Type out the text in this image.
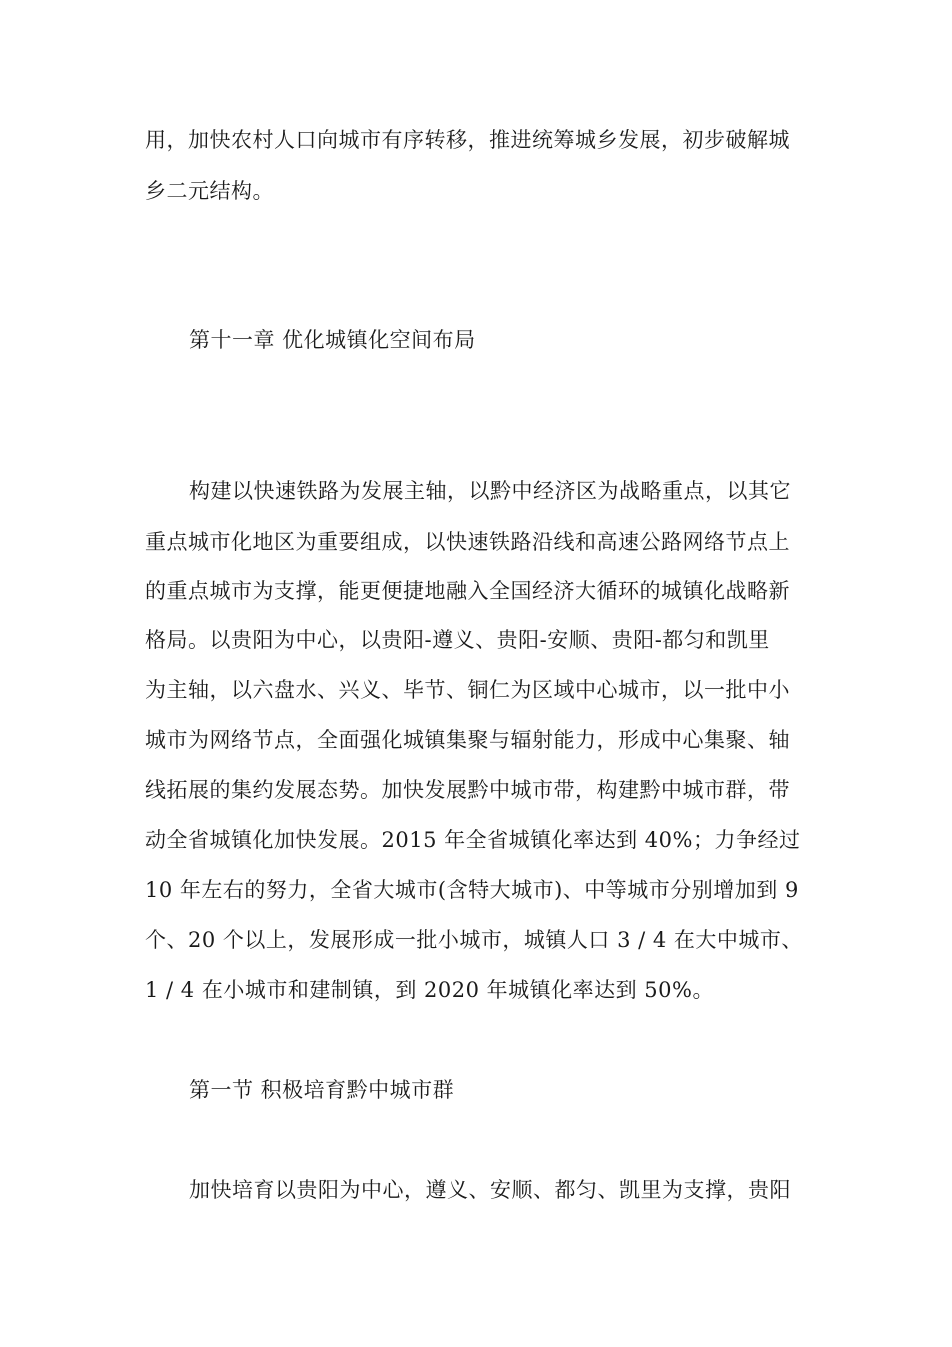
用，加快农村人口向城市有序转移，推进统筹城乡发展，初步破解城
乡二元结构。
第十一章 优化城镇化空间布局
构建以快速铁路为发展主轴，以黔中经济区为战略重点，以其它
重点城市化地区为重要组成，以快速铁路沿线和高速公路网络节点上
的重点城市为支撑，能更便捷地融入全国经济大循环的城镇化战略新
格局。以贵阳为中心，以贵阳-遵义、贵阳-安顺、贵阳-都匀和凯里
为主轴，以六盘水、兴义、毕节、铜仁为区域中心城市，以一批中小
城市为网络节点，全面强化城镇集聚与辐射能力，形成中心集聚、轴
线拓展的集约发展态势。加快发展黔中城市带，构建黔中城市群，带
动全省城镇化加快发展。2015 年全省城镇化率达到 40%；力争经过
10 年左右的努力，全省大城市(含特大城市)、中等城市分别增加到 9
个、20 个以上，发展形成一批小城市，城镇人口 3 / 4 在大中城市、
1 / 4 在小城市和建制镇，到 2020 年城镇化率达到 50%。
第一节 积极培育黔中城市群
加快培育以贵阳为中心，遵义、安顺、都匀、凯里为支撑，贵阳
